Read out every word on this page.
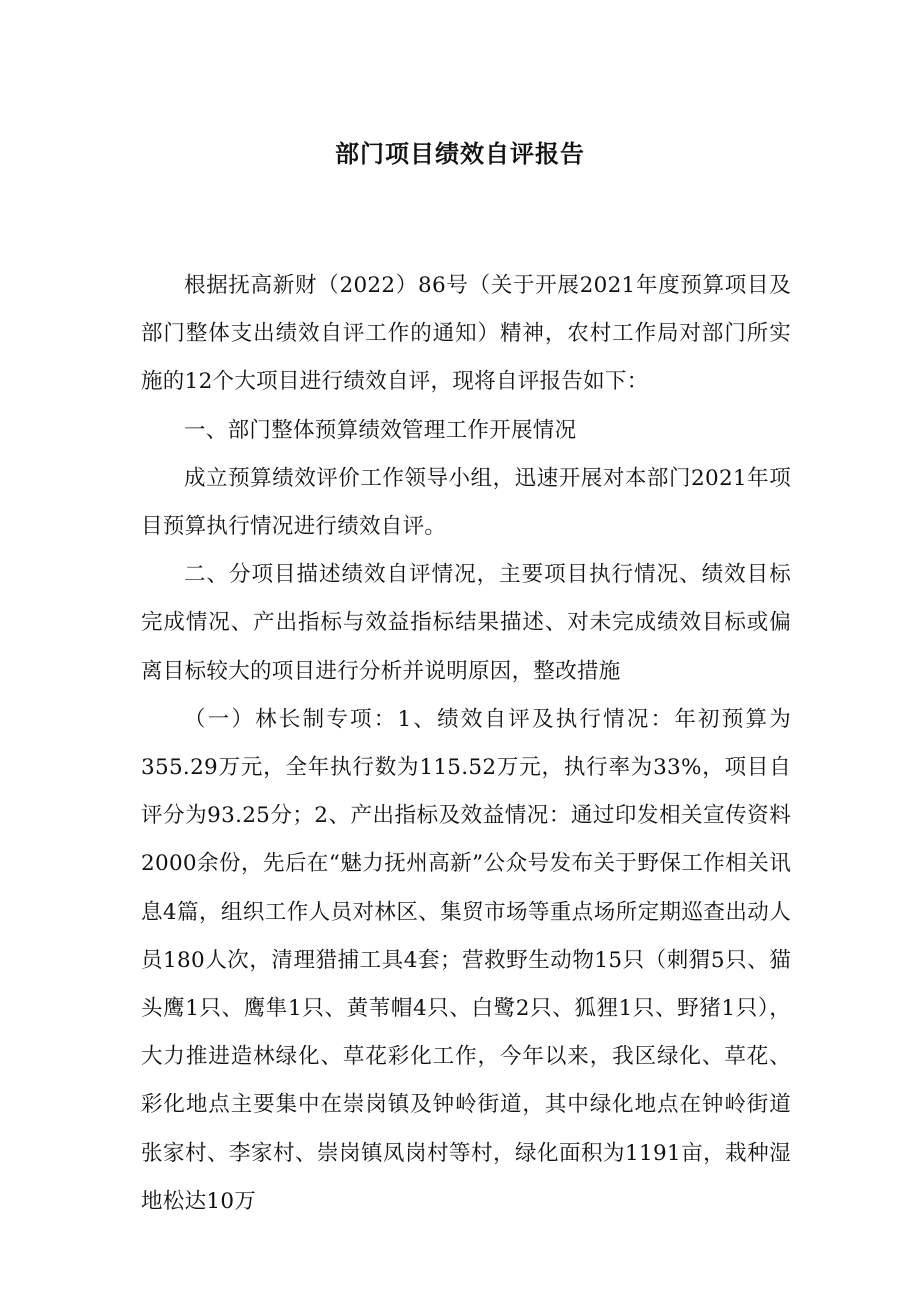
部门项目绩效自评报告

根据抚高新财（2022）86号（关于开展2021年度预算项目及部门整体支出绩效自评工作的通知）精神，农村工作局对部门所实施的12个大项目进行绩效自评，现将自评报告如下：

一、部门整体预算绩效管理工作开展情况

成立预算绩效评价工作领导小组，迅速开展对本部门2021年项目预算执行情况进行绩效自评。

二、分项目描述绩效自评情况，主要项目执行情况、绩效目标完成情况、产出指标与效益指标结果描述、对未完成绩效目标或偏离目标较大的项目进行分析并说明原因，整改措施

（一）林长制专项：1、绩效自评及执行情况：年初预算为355.29万元，全年执行数为115.52万元，执行率为33%，项目自评分为93.25分；2、产出指标及效益情况：通过印发相关宣传资料2000余份，先后在“魅力抚州高新”公众号发布关于野保工作相关讯息4篇，组织工作人员对林区、集贸市场等重点场所定期巡查出动人员180人次，清理猎捕工具4套；营救野生动物15只（刺猬5只、猫头鹰1只、鹰隼1只、黄苇帽4只、白鹭2只、狐狸1只、野猪1只），大力推进造林绿化、草花彩化工作，今年以来，我区绿化、草花、彩化地点主要集中在崇岗镇及钟岭街道，其中绿化地点在钟岭街道张家村、李家村、崇岗镇凤岗村等村，绿化面积为1191亩，栽种湿地松达10万
